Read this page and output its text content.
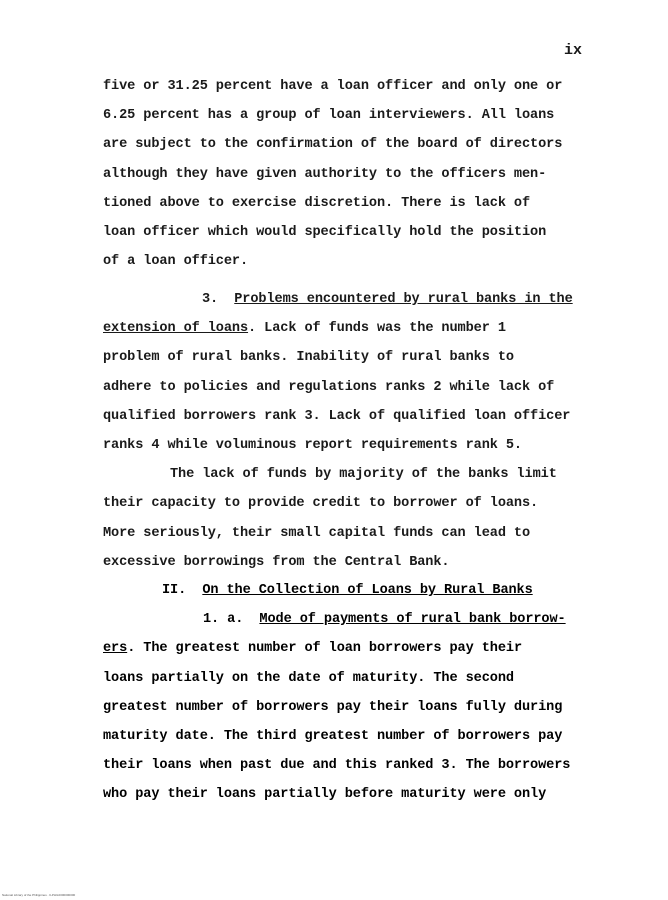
ix
five or 31.25 percent have a loan officer and only one or
6.25 percent has a group of loan interviewers. All loans
are subject to the confirmation of the board of directors
although they have given authority to the officers men-
tioned above to exercise discretion. There is lack of
loan officer which would specifically hold the position
of a loan officer.
3. Problems encountered by rural banks in the
extension of loans. Lack of funds was the number 1
problem of rural banks. Inability of rural banks to
adhere to policies and regulations ranks 2 while lack of
qualified borrowers rank 3. Lack of qualified loan officer
ranks 4 while voluminous report requirements rank 5.
The lack of funds by majority of the banks limit
their capacity to provide credit to borrower of loans.
More seriously, their small capital funds can lead to
excessive borrowings from the Central Bank.
II. On the Collection of Loans by Rural Banks
1. a. Mode of payments of rural bank borrow-
ers. The greatest number of loan borrowers pay their
loans partially on the date of maturity. The second
greatest number of borrowers pay their loans fully during
maturity date. The third greatest number of borrowers pay
their loans when past due and this ranked 3. The borrowers
who pay their loans partially before maturity were only
National Library of the Philippines · ILPHIL0000000000
